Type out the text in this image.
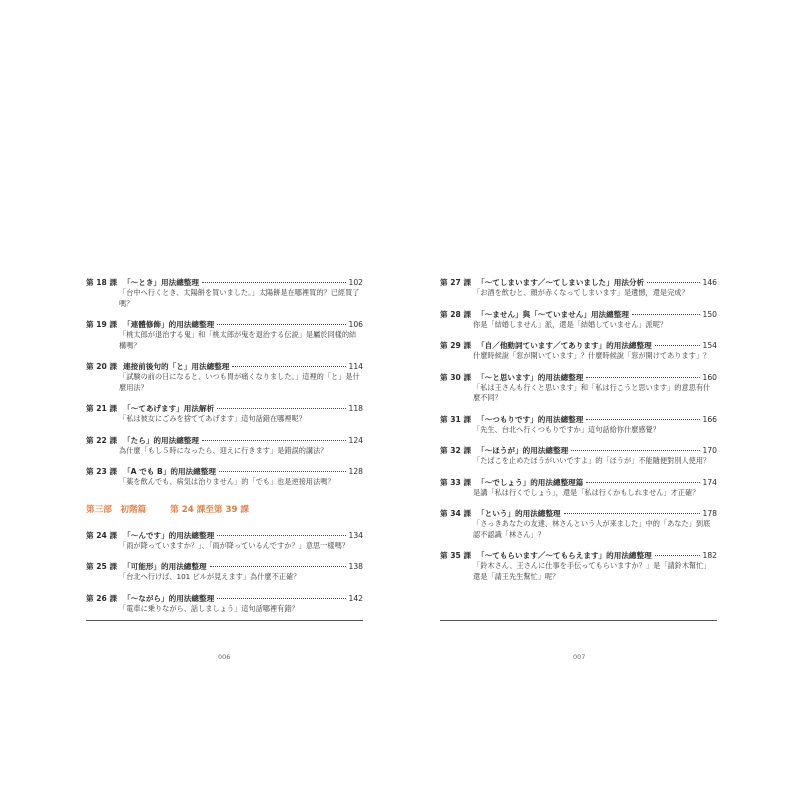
第 18 課 「〜とき」用法總整理	102
「台中へ行くとき、太陽餅を買いました。」太陽餅是在哪裡買的？已經買了嗎？
第 19 課 「連體修飾」的用法總整理	106
「桃太郎が退治する鬼」和「桃太郎が鬼を退治する伝説」是屬於同樣的結構嗎？
第 20 課 連接前後句的「と」用法總整理	114
「試験の前の日になると、いつも胃が痛くなりました。」這裡的「と」是什麼用法？
第 21 課 「〜てあげます」用法解析	118
「私は彼女にごみを捨ててあげます」這句話錯在哪裡呢？
第 22 課 「たら」的用法總整理	124
為什麼「もし５時になったら、迎えに行きます」是錯誤的講法？
第 23 課 「A でも B」的用法總整理	128
「薬を飲んでも、病気は治りません」的「でも」也是逆接用法嗎？
第三部　初階篇	第 24 課至第 39 課
第 24 課 「〜んです」的用法總整理	134
「雨が降っていますか？」、「雨が降っているんですか？」意思一樣嗎？
第 25 課 「可能形」的用法總整理	138
「台北へ行けば、101 ビルが見えます」為什麼不正確？
第 26 課 「〜ながら」的用法總整理	142
「電車に乗りながら、話しましょう」這句話哪裡有錯？
第 27 課 「〜てしまいます／〜てしまいました」用法分析	146
「お酒を飲むと、顔が赤くなってしまいます」是遺憾，還是完成？
第 28 課 「〜ません」與「〜ていません」用法總整理	150
你是「結婚しません」派，還是「結婚していません」派呢？
第 29 課 「自／他動詞ています／てあります」的用法總整理	154
什麼時候說「窓が開いています」？什麼時候說「窓が開けてあります」？
第 30 課 「〜と思います」的用法總整理	160
「私は王さんも行くと思います」和「私は行こうと思います」的意思有什麼不同？
第 31 課 「〜つもりです」的用法總整理	166
「先生、台北へ行くつもりですか」這句話給你什麼感覺？
第 32 課 「〜ほうが」的用法總整理	170
「たばこを止めたほうがいいですよ」的「ほうが」不能隨便對別人使用？
第 33 課 「〜でしょう」的用法總整理篇	174
是講「私は行くでしょう」，還是「私は行くかもしれません」才正確？
第 34 課 「という」的用法總整理	178
「さっきあなたの友達、林さんという人が来ました」中的「あなた」到底認不認識「林さん」？
第 35 課 「〜てもらいます／〜てもらえます」的用法總整理	182
「鈴木さん、王さんに仕事を手伝ってもらいますか？」是「請鈴木幫忙」還是「請王先生幫忙」呢？
006	007
